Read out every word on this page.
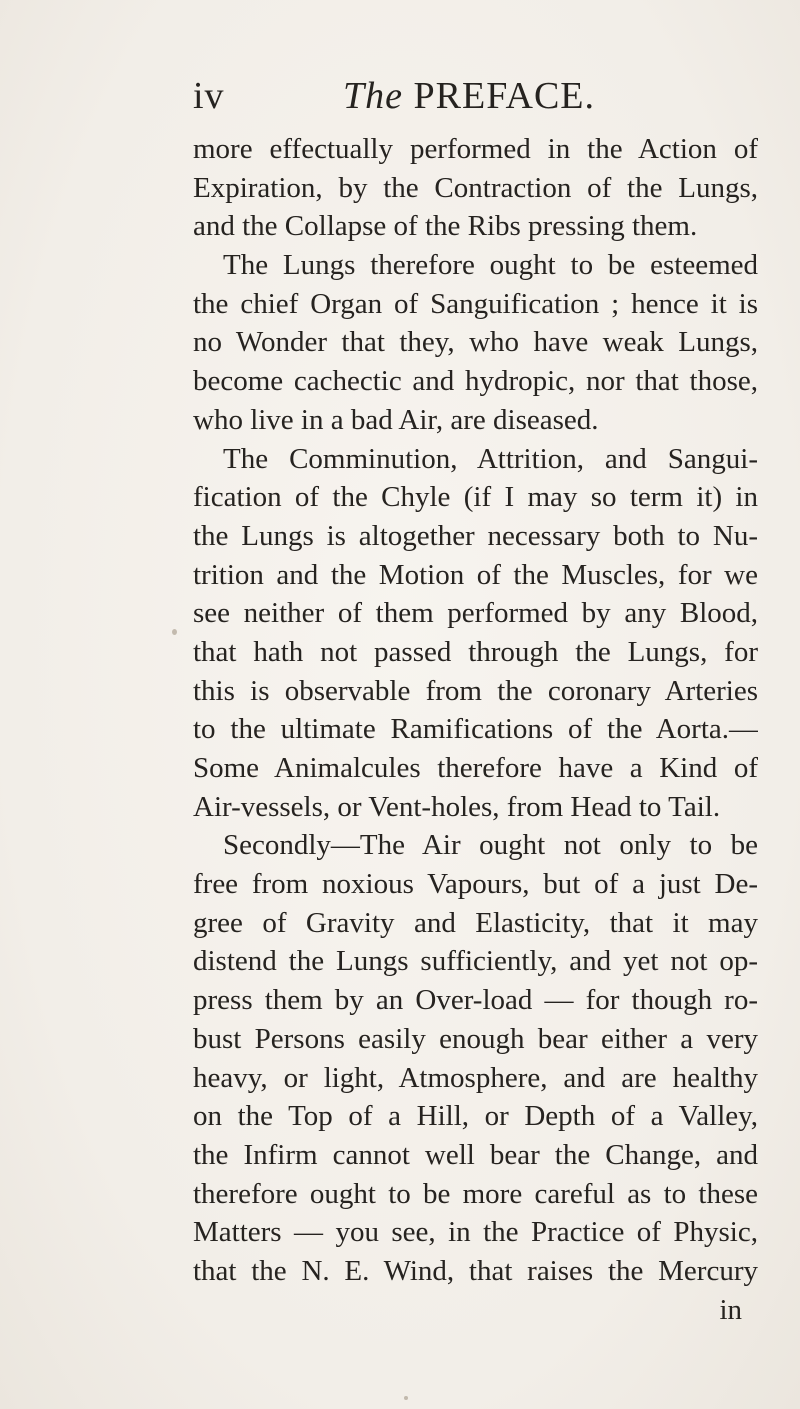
iv	The PREFACE.
more effectually performed in the Action of
Expiration, by the Contraction of the Lungs,
and the Collapse of the Ribs pressing them.
The Lungs therefore ought to be esteemed
the chief Organ of Sanguification ; hence it is
no Wonder that they, who have weak Lungs,
become cachectic and hydropic, nor that those,
who live in a bad Air, are diseased.
The Comminution, Attrition, and Sangui-
fication of the Chyle (if I may so term it) in
the Lungs is altogether necessary both to Nu-
trition and the Motion of the Muscles, for we
see neither of them performed by any Blood,
that hath not passed through the Lungs, for
this is observable from the coronary Arteries
to the ultimate Ramifications of the Aorta.—
Some Animalcules therefore have a Kind of
Air-vessels, or Vent-holes, from Head to Tail.
Secondly—The Air ought not only to be
free from noxious Vapours, but of a just De-
gree of Gravity and Elasticity, that it may
distend the Lungs sufficiently, and yet not op-
press them by an Over-load — for though ro-
bust Persons easily enough bear either a very
heavy, or light, Atmosphere, and are healthy
on the Top of a Hill, or Depth of a Valley,
the Infirm cannot well bear the Change, and
therefore ought to be more careful as to these
Matters — you see, in the Practice of Physic,
that the N. E. Wind, that raises the Mercury
in
